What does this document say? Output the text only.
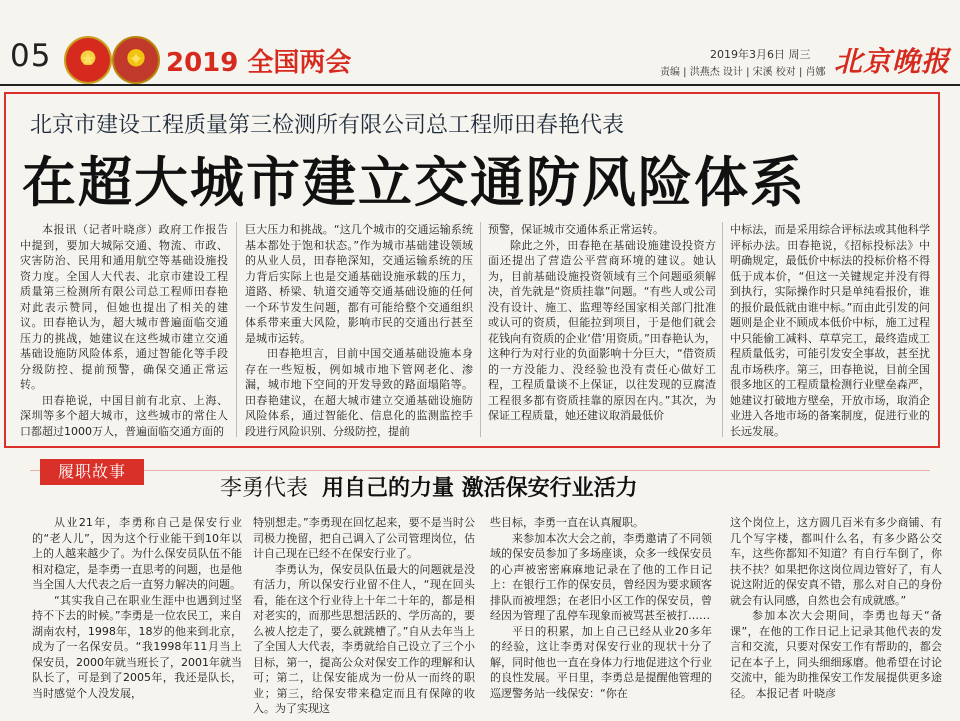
05	★	✦ 2019 全国两会	2019年3月6日 周三
责编 | 洪燕杰 设计 | 宋溪 校对 | 肖娜 北京晚报
北京市建设工程质量第三检测所有限公司总工程师田春艳代表
在超大城市建立交通防风险体系

本报讯（记者叶晓彦）政府工作报告中提到，要加大城际交通、物流、市政、灾害防治、民用和通用航空等基础设施投资力度。全国人大代表、北京市建设工程质量第三检测所有限公司总工程师田春艳对此表示赞同，但她也提出了相关的建议。田春艳认为，超大城市普遍面临交通压力的挑战，她建议在这些城市建立交通基础设施防风险体系，通过智能化等手段分级防控、提前预警，确保交通正常运转。

田春艳说，中国目前有北京、上海、深圳等多个超大城市，这些城市的常住人口都超过1000万人，普遍面临交通方面的

巨大压力和挑战。“这几个城市的交通运输系统基本都处于饱和状态。”作为城市基础建设领域的从业人员，田春艳深知，交通运输系统的压力背后实际上也是交通基础设施承载的压力，道路、桥梁、轨道交通等交通基础设施的任何一个环节发生问题，都有可能给整个交通组织体系带来重大风险，影响市民的交通出行甚至是城市运转。

田春艳坦言，目前中国交通基础设施本身存在一些短板，例如城市地下管网老化、渗漏，城市地下空间的开发导致的路面塌陷等。田春艳建议，在超大城市建立交通基础设施防风险体系，通过智能化、信息化的监测监控手段进行风险识别、分级防控，提前

预警，保证城市交通体系正常运转。

除此之外，田春艳在基础设施建设投资方面还提出了营造公平营商环境的建议。她认为，目前基础设施投资领域有三个问题亟须解决，首先就是“资质挂靠”问题。“有些人或公司没有设计、施工、监理等经国家相关部门批准或认可的资质，但能拉到项目，于是他们就会花钱向有资质的企业‘借’用资质。”田春艳认为，这种行为对行业的负面影响十分巨大，“借资质的一方没能力、没经验也没有责任心做好工程，工程质量谈不上保证，以往发现的豆腐渣工程很多都有资质挂靠的原因在内。”其次，为保证工程质量，她还建议取消最低价

中标法，而是采用综合评标法或其他科学评标办法。田春艳说，《招标投标法》中明确规定，最低价中标法的投标价格不得低于成本价，“但这一关键规定并没有得到执行，实际操作时只是单纯看报价，谁的报价最低就由谁中标。”而由此引发的问题则是企业不顾成本低价中标，施工过程中只能偷工减料、草草完工，最终造成工程质量低劣，可能引发安全事故，甚至扰乱市场秩序。第三，田春艳说，目前全国很多地区的工程质量检测行业壁垒森严，她建议打破地方壁垒，开放市场，取消企业进入各地市场的备案制度，促进行业的长远发展。

履职故事
李勇代表 用自己的力量 激活保安行业活力

从业21年，李勇称自己是保安行业的“老人儿”，因为这个行业能干到10年以上的人越来越少了。为什么保安员队伍不能相对稳定，是李勇一直思考的问题，也是他当全国人大代表之后一直努力解决的问题。

“其实我自己在职业生涯中也遇到过坚持不下去的时候。”李勇是一位农民工，来自湖南农村，1998年，18岁的他来到北京，成为了一名保安员。“我1998年11月当上保安员，2000年就当班长了，2001年就当队长了，可是到了2005年，我还是队长，当时感觉个人没发展，

特别想走。”李勇现在回忆起来，要不是当时公司极力挽留，把自己调入了公司管理岗位，估计自己现在已经不在保安行业了。

李勇认为，保安员队伍最大的问题就是没有活力，所以保安行业留不住人，“现在回头看，能在这个行业待上十年二十年的，都是相对老实的，而那些思想活跃的、学历高的，要么被人挖走了，要么就跳槽了。”自从去年当上了全国人大代表，李勇就给自己设立了三个小目标，第一，提高公众对保安工作的理解和认可；第二，让保安能成为一份从一而终的职业；第三，给保安带来稳定而且有保障的收入。为了实现这

些目标，李勇一直在认真履职。

来参加本次大会之前，李勇邀请了不同领域的保安员参加了多场座谈，众多一线保安员的心声被密密麻麻地记录在了他的工作日记上：在银行工作的保安员，曾经因为要求顾客排队而被埋怨；在老旧小区工作的保安员，曾经因为管理了乱停车现象而被骂甚至被打……

平日的积累，加上自己已经从业20多年的经验，这让李勇对保安行业的现状十分了解，同时他也一直在身体力行地促进这个行业的良性发展。平日里，李勇总是提醒他管理的巡逻警务站一线保安：“你在

这个岗位上，这方圆几百米有多少商铺、有几个写字楼，都叫什么名，有多少路公交车，这些你都知不知道？有自行车倒了，你扶不扶？如果把你这岗位周边管好了，有人说这附近的保安真不错，那么对自己的身份就会有认同感，自然也会有成就感。”

参加本次大会期间，李勇也每天“备课”，在他的工作日记上记录其他代表的发言和交流，只要对保安工作有帮助的，都会记在本子上，同头细细琢磨。他希望在讨论交流中，能为助推保安工作发展提供更多途径。 本报记者 叶晓彦
